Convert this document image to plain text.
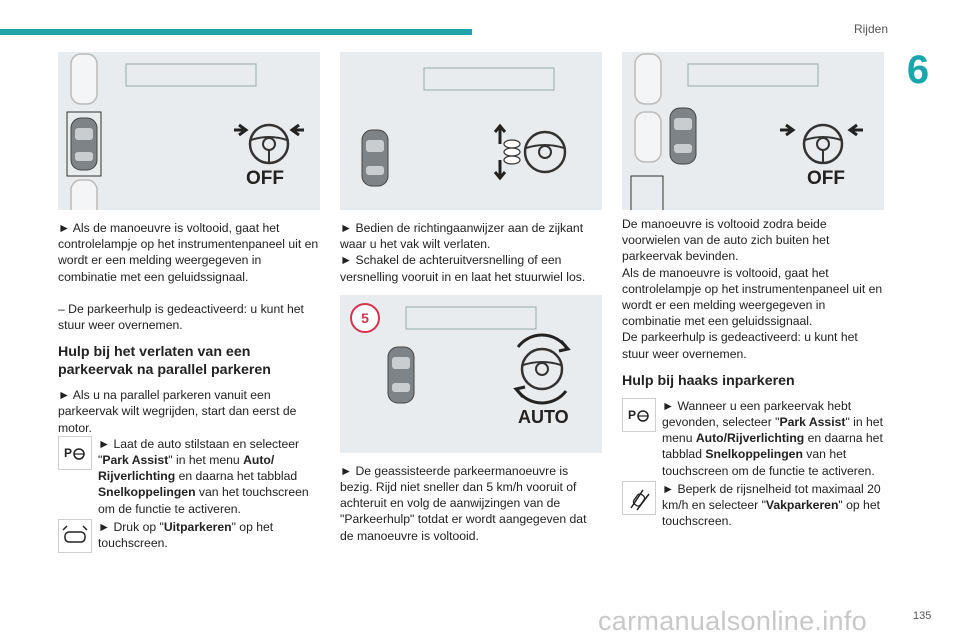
Rijden
6
OFF

► Als de manoeuvre is voltooid, gaat het controlelampje op het instrumentenpaneel uit en wordt er een melding weergegeven in combinatie met een geluidssignaal.

– De parkeerhulp is gedeactiveerd: u kunt het stuur weer overnemen.

Hulp bij het verlaten van een parkeervak na parallel parkeren

► Als u na parallel parkeren vanuit een parkeervak wilt wegrijden, start dan eerst de motor.

P

► Laat de auto stilstaan en selecteer "Park Assist" in het menu Auto/ Rijverlichting en daarna het tabblad Snelkoppelingen van het touchscreen om de functie te activeren.

► Druk op "Uitparkeren" op het touchscreen.

► Bedien de richtingaanwijzer aan de zijkant waar u het vak wilt verlaten.

► Schakel de achteruitversnelling of een versnelling vooruit in en laat het stuurwiel los.

5
AUTO

► De geassisteerde parkeermanoeuvre is bezig. Rijd niet sneller dan 5 km/h vooruit of achteruit en volg de aanwijzingen van de "Parkeerhulp" totdat er wordt aangegeven dat de manoeuvre is voltooid.

OFF

De manoeuvre is voltooid zodra beide voorwielen van de auto zich buiten het parkeervak bevinden.

Als de manoeuvre is voltooid, gaat het controlelampje op het instrumentenpaneel uit en wordt er een melding weergegeven in combinatie met een geluidssignaal.

De parkeerhulp is gedeactiveerd: u kunt het stuur weer overnemen.

Hulp bij haaks inparkeren
P

► Wanneer u een parkeervak hebt gevonden, selecteer "Park Assist" in het menu Auto/Rijverlichting en daarna het tabblad Snelkoppelingen van het touchscreen om de functie te activeren.

► Beperk de rijsnelheid tot maximaal 20 km/h en selecteer "Vakparkeren" op het touchscreen.

carmanualsonline.info	135
